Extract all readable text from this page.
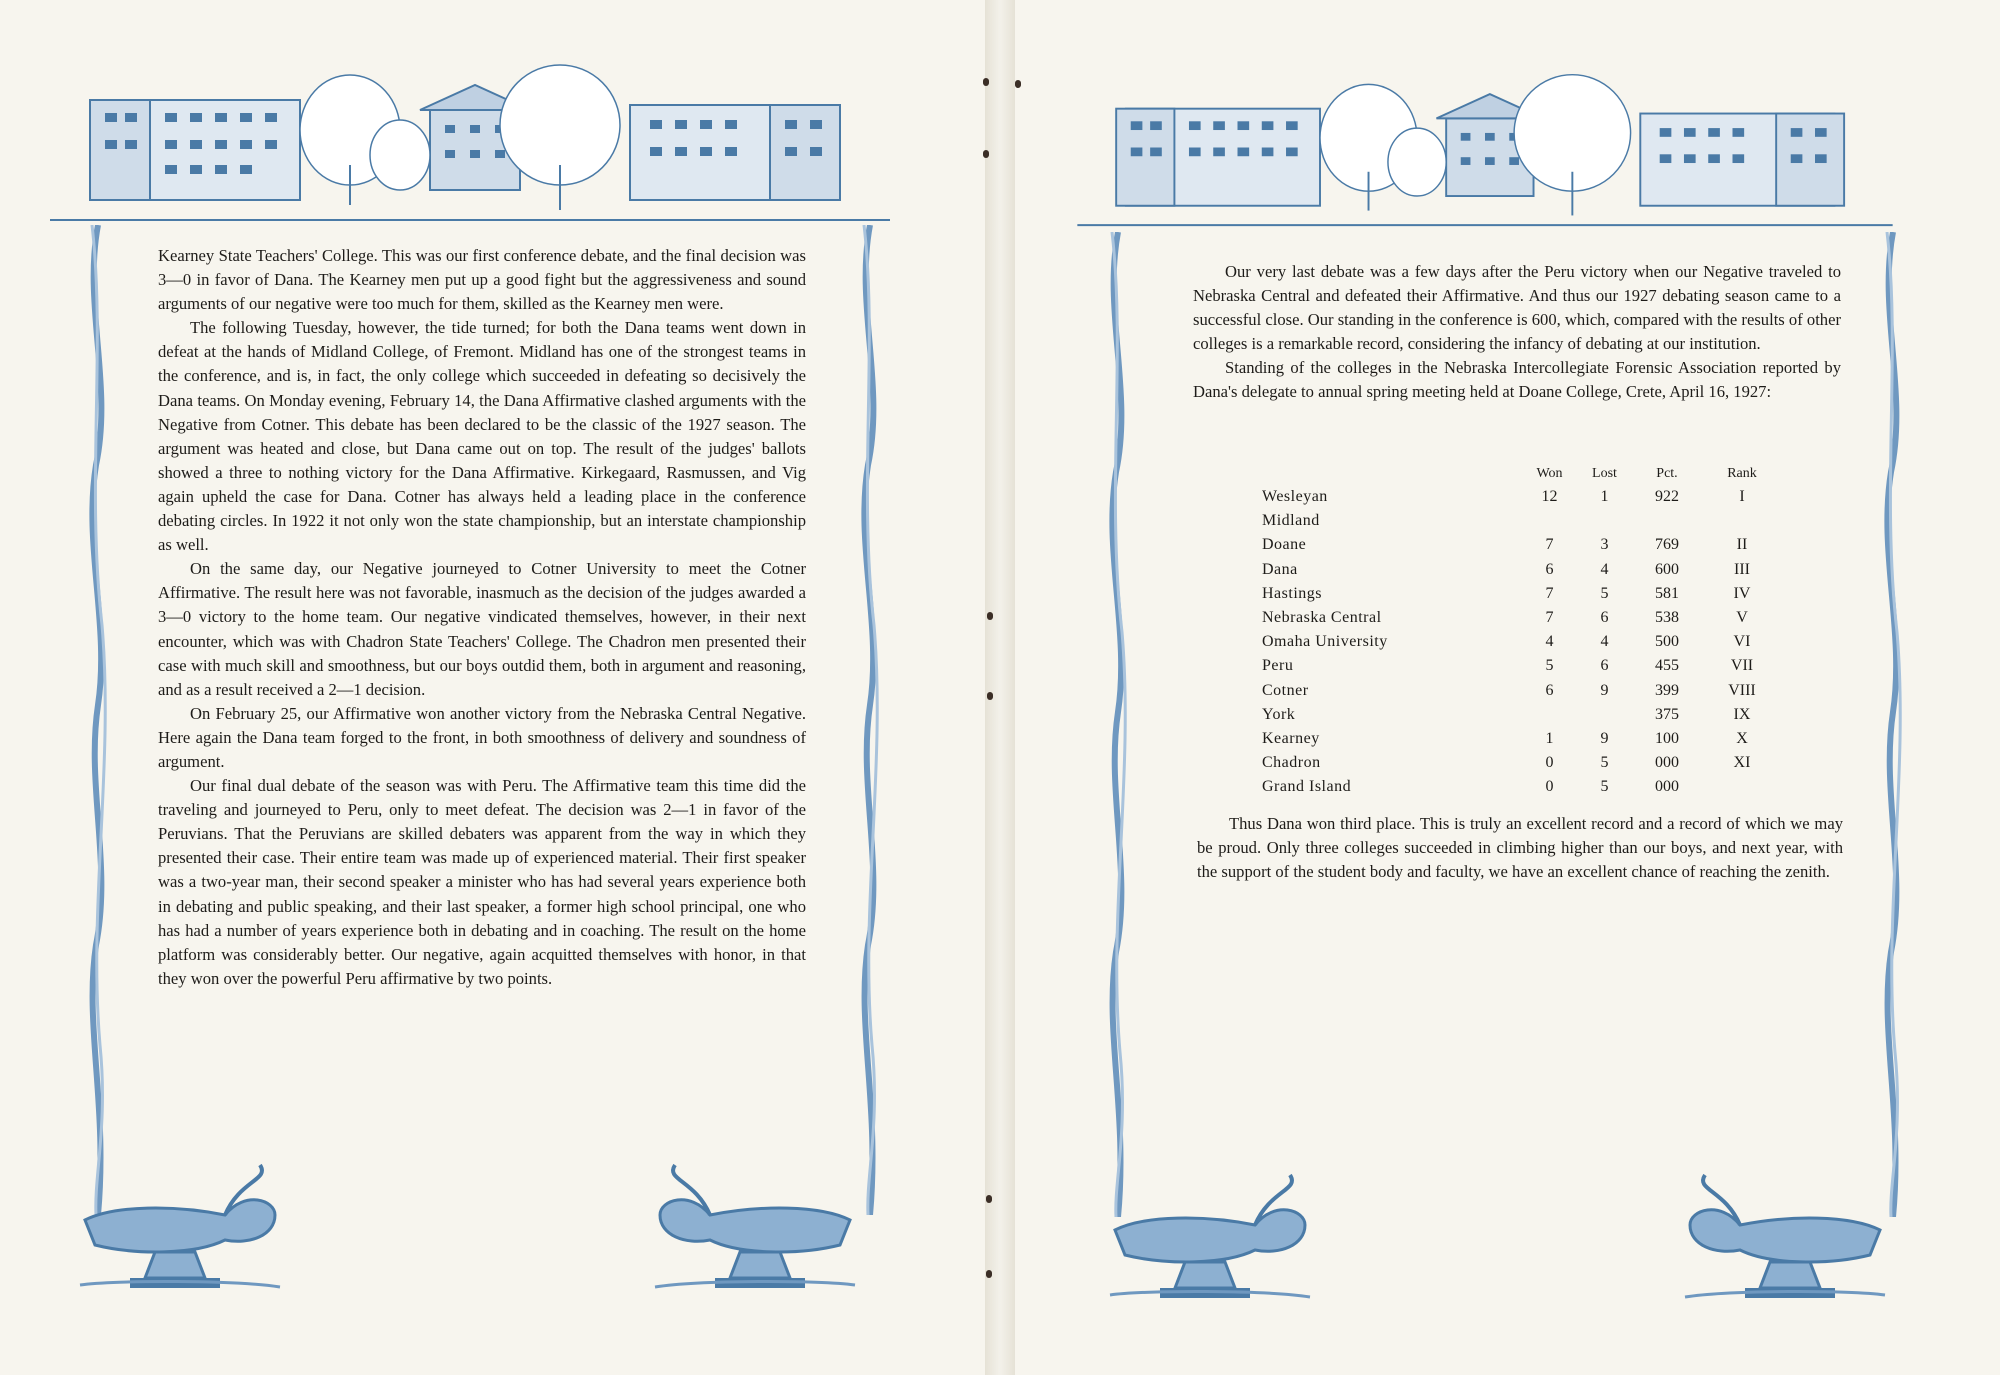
Kearney State Teachers' College. This was our first conference debate, and the final decision was 3—0 in favor of Dana. The Kearney men put up a good fight but the aggressiveness and sound arguments of our negative were too much for them, skilled as the Kearney men were.

The following Tuesday, however, the tide turned; for both the Dana teams went down in defeat at the hands of Midland College, of Fremont. Midland has one of the strongest teams in the conference, and is, in fact, the only college which succeeded in defeating so decisively the Dana teams. On Monday evening, February 14, the Dana Affirmative clashed arguments with the Negative from Cotner. This debate has been declared to be the classic of the 1927 season. The argument was heated and close, but Dana came out on top. The result of the judges' ballots showed a three to nothing victory for the Dana Affirmative. Kirkegaard, Rasmussen, and Vig again upheld the case for Dana. Cotner has always held a leading place in the conference debating circles. In 1922 it not only won the state championship, but an interstate championship as well.

On the same day, our Negative journeyed to Cotner University to meet the Cotner Affirmative. The result here was not favorable, inasmuch as the decision of the judges awarded a 3—0 victory to the home team. Our negative vindicated themselves, however, in their next encounter, which was with Chadron State Teachers' College. The Chadron men presented their case with much skill and smoothness, but our boys outdid them, both in argument and reasoning, and as a result received a 2—1 decision.

On February 25, our Affirmative won another victory from the Nebraska Central Negative. Here again the Dana team forged to the front, in both smoothness of delivery and soundness of argument.

Our final dual debate of the season was with Peru. The Affirmative team this time did the traveling and journeyed to Peru, only to meet defeat. The decision was 2—1 in favor of the Peruvians. That the Peruvians are skilled debaters was apparent from the way in which they presented their case. Their entire team was made up of experienced material. Their first speaker was a two-year man, their second speaker a minister who has had several years experience both in debating and public speaking, and their last speaker, a former high school principal, one who has had a number of years experience both in debating and in coaching. The result on the home platform was considerably better. Our negative, again acquitted themselves with honor, in that they won over the powerful Peru affirmative by two points.

Our very last debate was a few days after the Peru victory when our Negative traveled to Nebraska Central and defeated their Affirmative. And thus our 1927 debating season came to a successful close. Our standing in the conference is 600, which, compared with the results of other colleges is a remarkable record, considering the infancy of debating at our institution.

Standing of the colleges in the Nebraska Intercollegiate Forensic Association reported by Dana's delegate to annual spring meeting held at Doane College, Crete, April 16, 1927:

	Won	Lost	Pct.	Rank
Wesleyan	12	1	922	I
Midland				
Doane	7	3	769	II
Dana	6	4	600	III
Hastings	7	5	581	IV
Nebraska Central	7	6	538	V
Omaha University	4	4	500	VI
Peru	5	6	455	VII
Cotner	6	9	399	VIII
York			375	IX
Kearney	1	9	100	X
Chadron	0	5	000	XI
Grand Island	0	5	000	

Thus Dana won third place. This is truly an excellent record and a record of which we may be proud. Only three colleges succeeded in climbing higher than our boys, and next year, with the support of the student body and faculty, we have an excellent chance of reaching the zenith.
